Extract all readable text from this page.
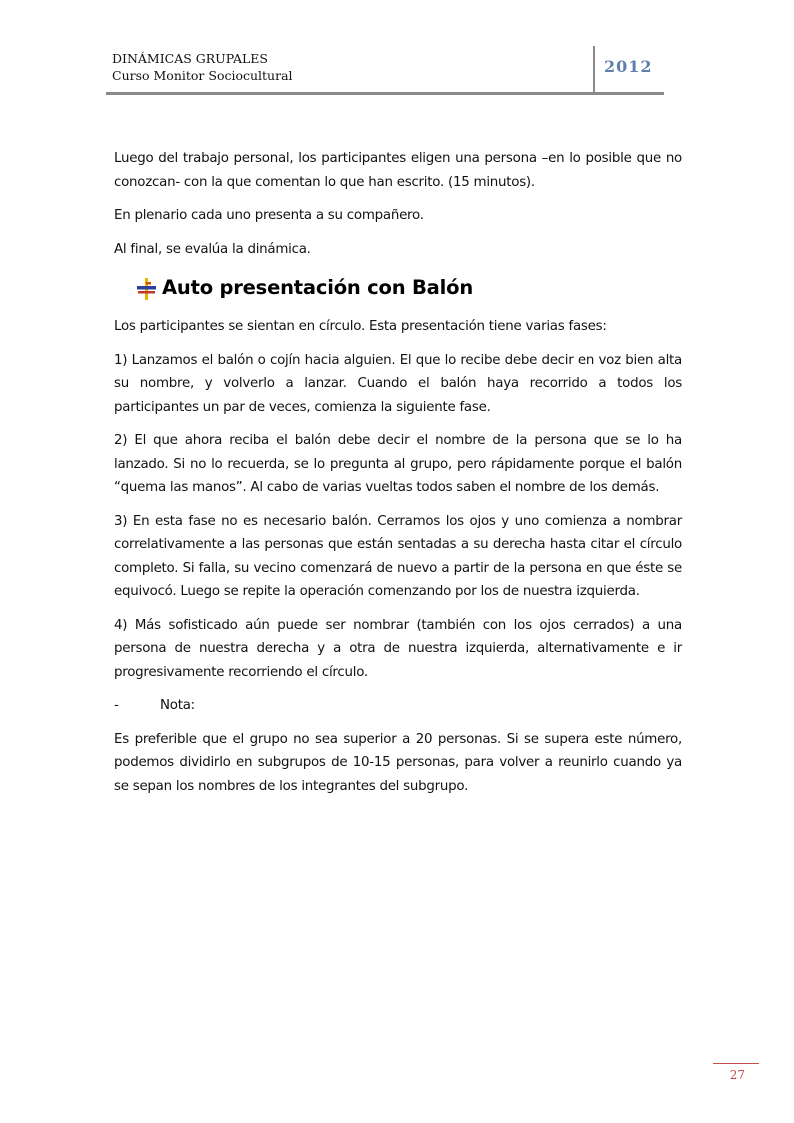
DINÁMICAS GRUPALES
Curso Monitor Sociocultural	2012

Luego del trabajo personal, los participantes eligen una persona –en lo posible que no conozcan- con la que comentan lo que han escrito. (15 minutos).

En plenario cada uno presenta a su compañero.

Al final, se evalúa la dinámica.

Auto presentación con Balón

Los participantes se sientan en círculo. Esta presentación tiene varias fases:

1) Lanzamos el balón o cojín hacia alguien. El que lo recibe debe decir en voz bien alta su nombre, y volverlo a lanzar. Cuando el balón haya recorrido a todos los participantes un par de veces, comienza la siguiente fase.

2) El que ahora reciba el balón debe decir el nombre de la persona que se lo ha lanzado. Si no lo recuerda, se lo pregunta al grupo, pero rápidamente porque el balón “quema las manos”. Al cabo de varias vueltas todos saben el nombre de los demás.

3) En esta fase no es necesario balón. Cerramos los ojos y uno comienza a nombrar correlativamente a las personas que están sentadas a su derecha hasta citar el círculo completo. Si falla, su vecino comenzará de nuevo a partir de la persona en que éste se equivocó. Luego se repite la operación comenzando por los de nuestra izquierda.

4) Más sofisticado aún puede ser nombrar (también con los ojos cerrados) a una persona de nuestra derecha y a otra de nuestra izquierda, alternativamente e ir progresivamente recorriendo el círculo.

-	Nota:

Es preferible que el grupo no sea superior a 20 personas. Si se supera este número, podemos dividirlo en subgrupos de 10-15 personas, para volver a reunirlo cuando ya se sepan los nombres de los integrantes del subgrupo.

27
